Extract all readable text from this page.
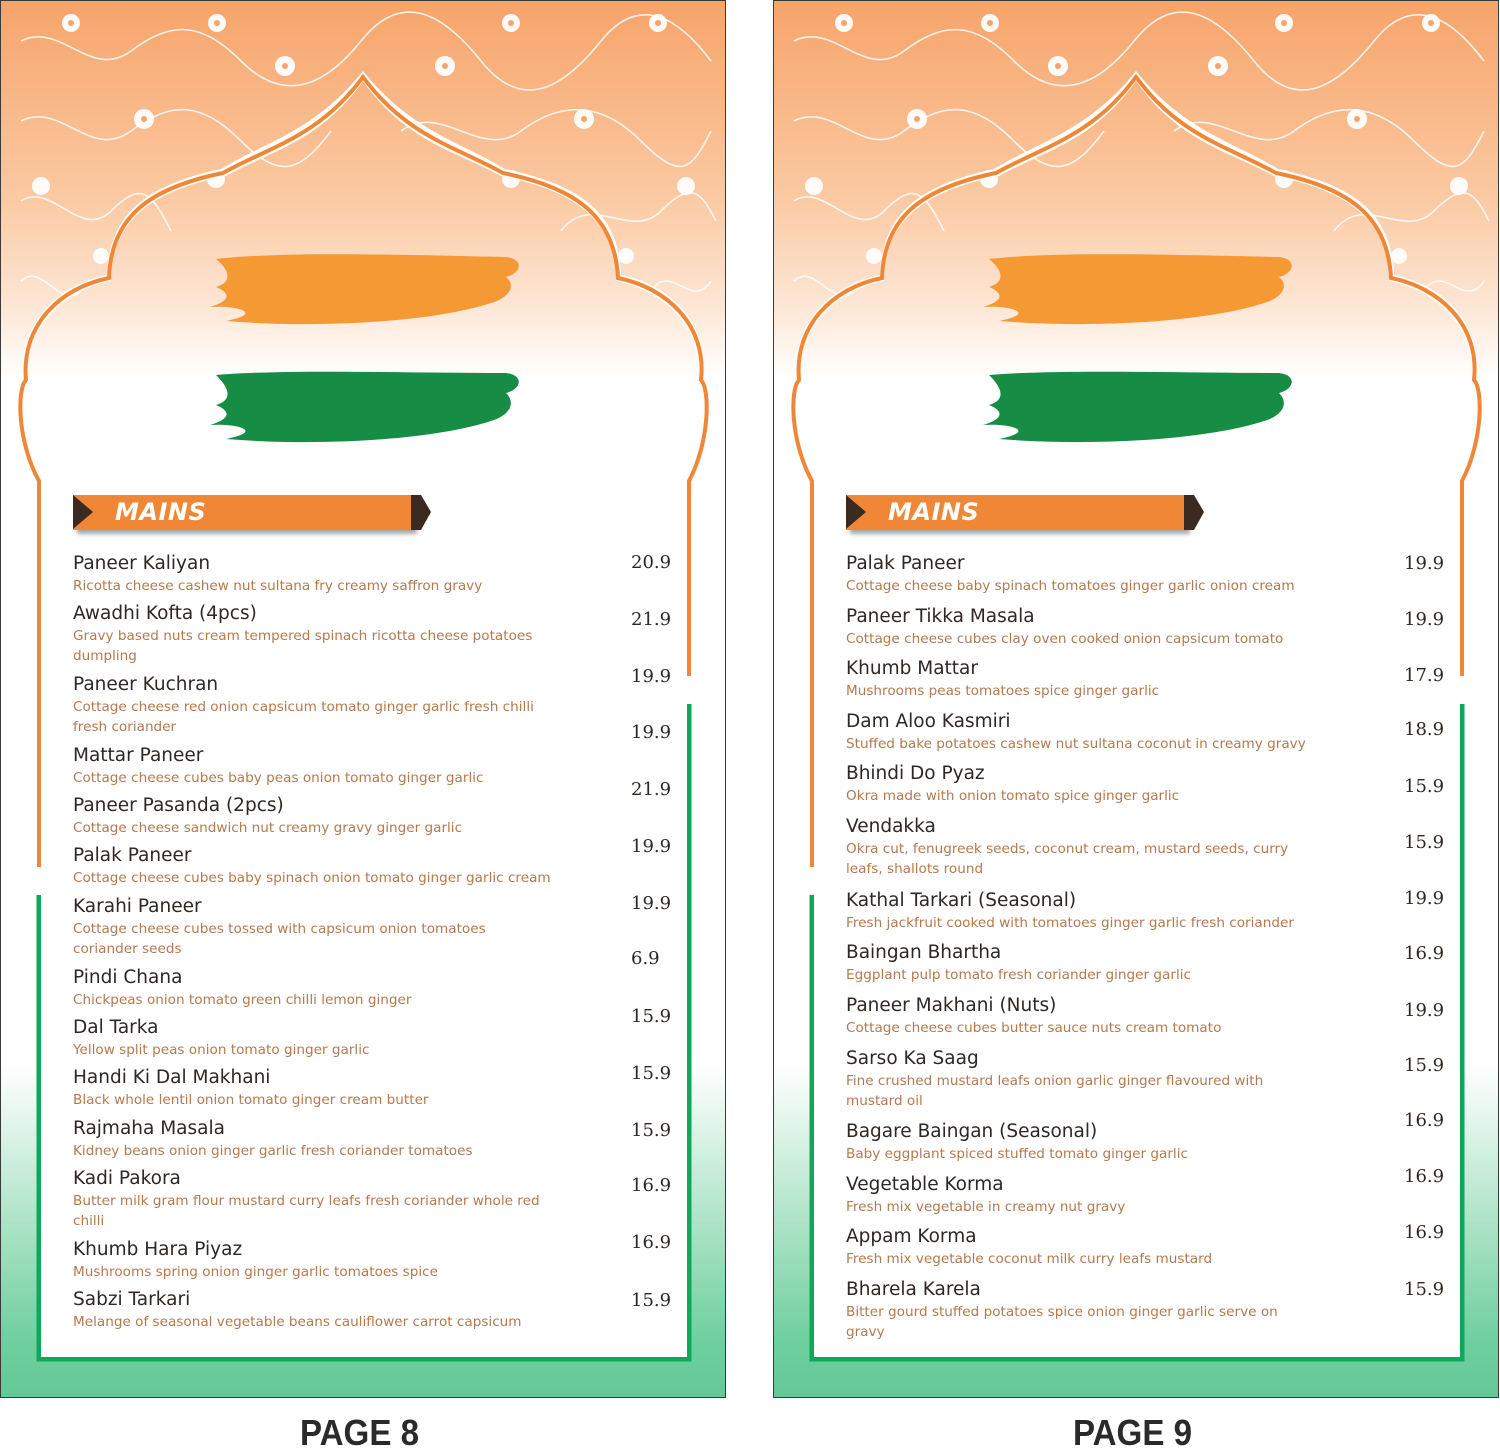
MAINS
Paneer Kaliyan
Ricotta cheese cashew nut sultana fry creamy saffron gravy
20.9
Awadhi Kofta (4pcs)
Gravy based nuts cream tempered spinach ricotta cheese potatoes dumpling
21.9
Paneer Kuchran
Cottage cheese red onion capsicum tomato ginger garlic fresh chilli fresh coriander
19.9
Mattar Paneer
Cottage cheese cubes baby peas onion tomato ginger garlic
19.9
Paneer Pasanda (2pcs)
Cottage cheese sandwich nut creamy gravy ginger garlic
21.9
Palak Paneer
Cottage cheese cubes baby spinach onion tomato ginger garlic cream
19.9
Karahi Paneer
Cottage cheese cubes tossed with capsicum onion tomatoes coriander seeds
19.9
Pindi Chana
Chickpeas onion tomato green chilli lemon ginger
6.9
Dal Tarka
Yellow split peas onion tomato ginger garlic
15.9
Handi Ki Dal Makhani
Black whole lentil onion tomato ginger cream butter
15.9
Rajmaha Masala
Kidney beans onion ginger garlic fresh coriander tomatoes
15.9
Kadi Pakora
Butter milk gram flour mustard curry leafs fresh coriander whole red chilli
16.9
Khumb Hara Piyaz
Mushrooms spring onion ginger garlic tomatoes spice
16.9
Sabzi Tarkari
Melange of seasonal vegetable beans cauliflower carrot capsicum
15.9
MAINS
Palak Paneer
Cottage cheese baby spinach tomatoes ginger garlic onion cream
19.9
Paneer Tikka Masala
Cottage cheese cubes clay oven cooked onion capsicum tomato
19.9
Khumb Mattar
Mushrooms peas tomatoes spice ginger garlic
17.9
Dam Aloo Kasmiri
Stuffed bake potatoes cashew nut sultana coconut in creamy gravy
18.9
Bhindi Do Pyaz
Okra made with onion tomato spice ginger garlic	15.9
Vendakka
Okra cut, fenugreek seeds, coconut cream, mustard seeds, curry leafs, shallots round
15.9
Kathal Tarkari (Seasonal)
Fresh jackfruit cooked with tomatoes ginger garlic fresh coriander
19.9
Baingan Bhartha
Eggplant pulp tomato fresh coriander ginger garlic
16.9
Paneer Makhani (Nuts)
Cottage cheese cubes butter sauce nuts cream tomato
19.9
Sarso Ka Saag
Fine crushed mustard leafs onion garlic ginger flavoured with mustard oil
15.9
Bagare Baingan (Seasonal)
Baby eggplant spiced stuffed tomato ginger garlic
16.9
Vegetable Korma
Fresh mix vegetable in creamy nut gravy
16.9
Appam Korma
Fresh mix vegetable coconut milk curry leafs mustard
16.9
Bharela Karela
Bitter gourd stuffed potatoes spice onion ginger garlic serve on gravy
15.9
PAGE 8	PAGE 9
